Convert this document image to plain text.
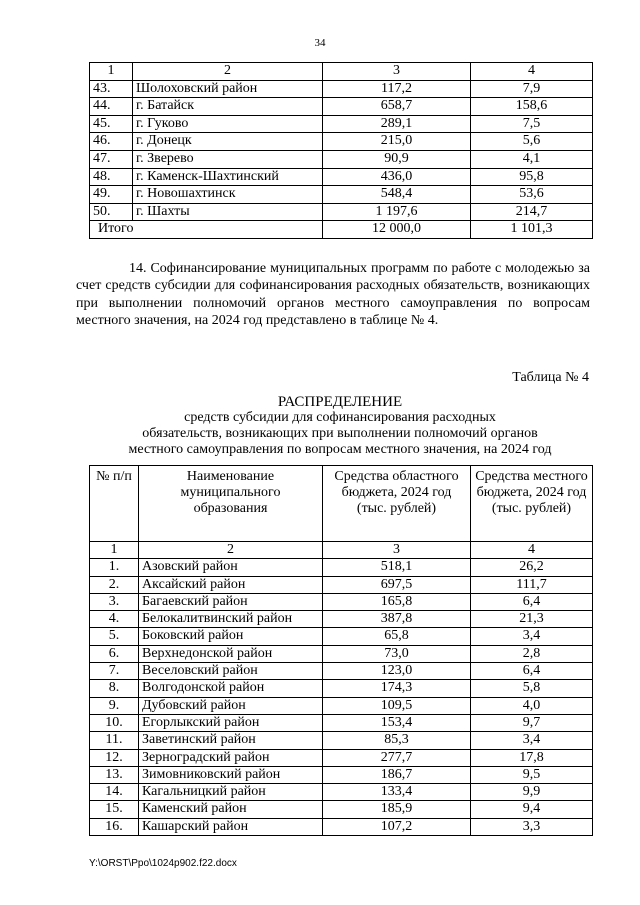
34
1	2	3	4
43.	Шолоховский район	117,2	7,9
44.	г. Батайск	658,7	158,6
45.	г. Гуково	289,1	7,5
46.	г. Донецк	215,0	5,6
47.	г. Зверево	90,9	4,1
48.	г. Каменск-Шахтинский	436,0	95,8
49.	г. Новошахтинск	548,4	53,6
50.	г. Шахты	1 197,6	214,7
Итого		12 000,0	1 101,3

14. Софинансирование муниципальных программ по работе с молодежью за счет средств субсидии для софинансирования расходных обязательств, возникающих при выполнении полномочий органов местного самоуправления по вопросам местного значения, на 2024 год представлено в таблице № 4.

Таблица № 4
РАСПРЕДЕЛЕНИЕ
средств субсидии для софинансирования расходных
обязательств, возникающих при выполнении полномочий органов
местного самоуправления по вопросам местного значения, на 2024 год
№ п/п	Наименование муниципального образования	Средства областного бюджета, 2024 год (тыс. рублей)	Средства местного бюджета, 2024 год (тыс. рублей)
1	2	3	4
1.	Азовский район	518,1	26,2
2.	Аксайский район	697,5	111,7
3.	Багаевский район	165,8	6,4
4.	Белокалитвинский район	387,8	21,3
5.	Боковский район	65,8	3,4
6.	Верхнедонской район	73,0	2,8
7.	Веселовский район	123,0	6,4
8.	Волгодонской район	174,3	5,8
9.	Дубовский район	109,5	4,0
10.	Егорлыкский район	153,4	9,7
11.	Заветинский район	85,3	3,4
12.	Зерноградский район	277,7	17,8
13.	Зимовниковский район	186,7	9,5
14.	Кагальницкий район	133,4	9,9
15.	Каменский район	185,9	9,4
16.	Кашарский район	107,2	3,3
Y:\ORST\Ppo\1024p902.f22.docx
